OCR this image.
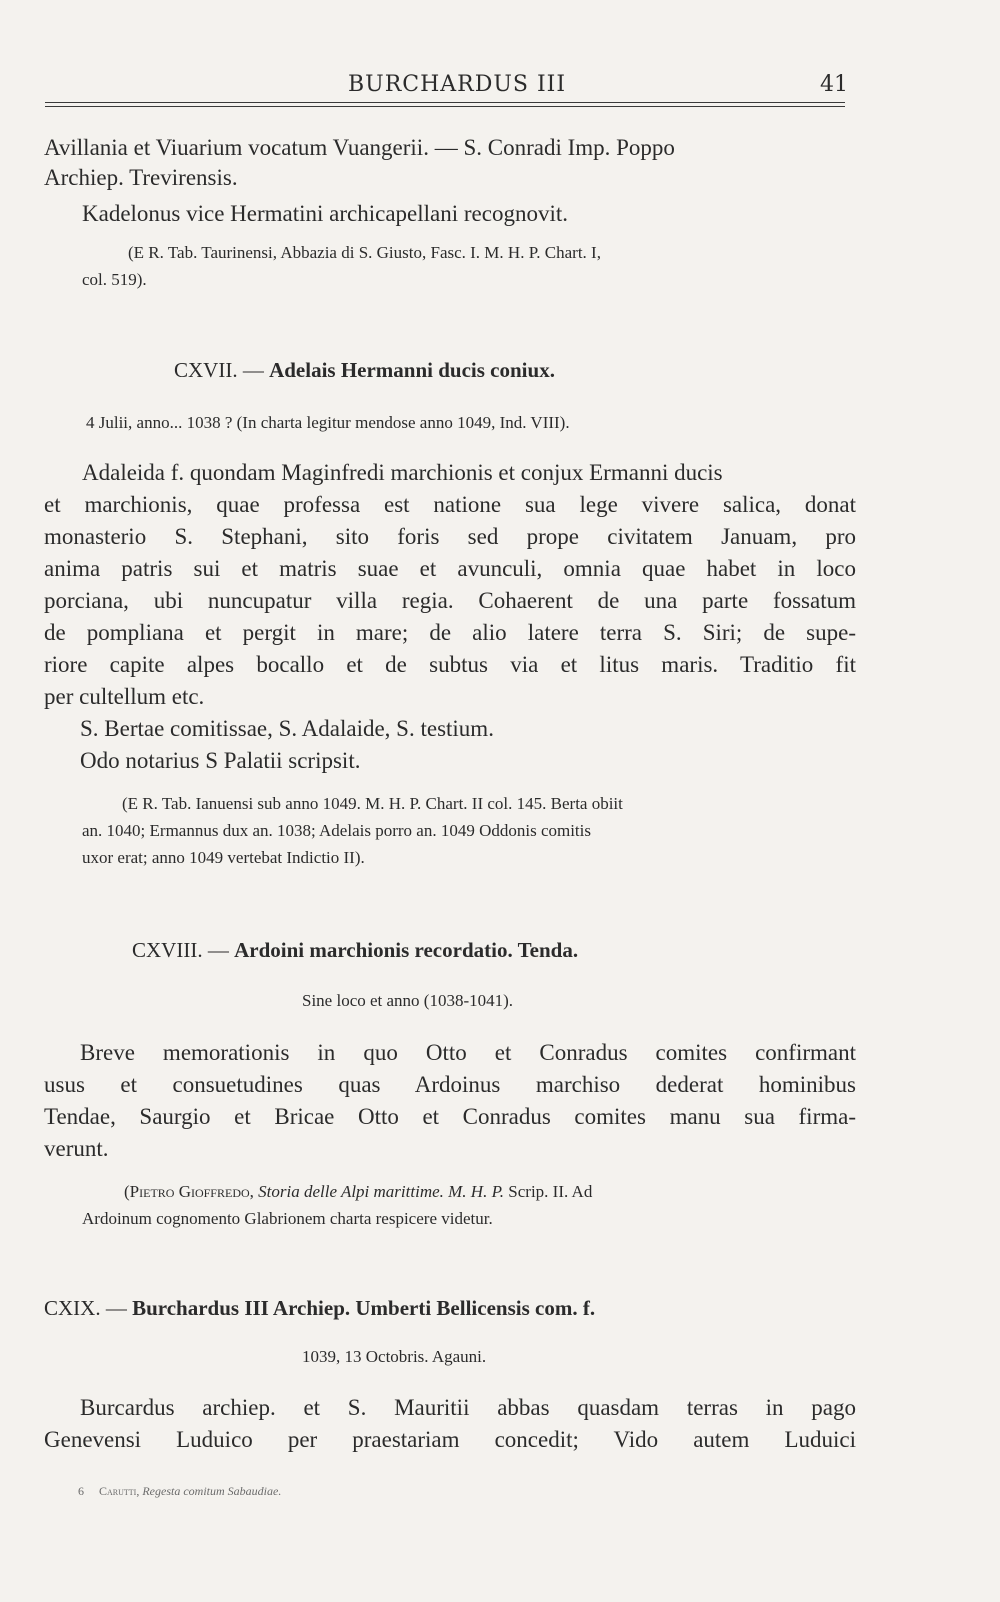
BURCHARDUS III	41
Avillania et Viuarium vocatum Vuangerii. — S. Conradi Imp. Poppo
Archiep. Trevirensis.
Kadelonus vice Hermatini archicapellani recognovit.
(E R. Tab. Taurinensi, Abbazia di S. Giusto, Fasc. I. M. H. P. Chart. I,
col. 519).
CXVII. — Adelais Hermanni ducis coniux.
4 Julii, anno... 1038 ? (In charta legitur mendose anno 1049, Ind. VIII).
Adaleida f. quondam Maginfredi marchionis et conjux Ermanni ducis
et marchionis, quae professa est natione sua lege vivere salica, donat
monasterio S. Stephani, sito foris sed prope civitatem Januam, pro
anima patris sui et matris suae et avunculi, omnia quae habet in loco
porciana, ubi nuncupatur villa regia. Cohaerent de una parte fossatum
de pompliana et pergit in mare; de alio latere terra S. Siri; de supe-
riore capite alpes bocallo et de subtus via et litus maris. Traditio fit
per cultellum etc.
S. Bertae comitissae, S. Adalaide, S. testium.
Odo notarius S Palatii scripsit.
(E R. Tab. Ianuensi sub anno 1049. M. H. P. Chart. II col. 145. Berta obiit
an. 1040; Ermannus dux an. 1038; Adelais porro an. 1049 Oddonis comitis
uxor erat; anno 1049 vertebat Indictio II).
CXVIII. — Ardoini marchionis recordatio. Tenda.
Sine loco et anno (1038-1041).
Breve memorationis in quo Otto et Conradus comites confirmant
usus et consuetudines quas Ardoinus marchiso dederat hominibus
Tendae, Saurgio et Bricae Otto et Conradus comites manu sua firma-
verunt.
(Pietro Gioffredo, Storia delle Alpi marittime. M. H. P. Scrip. II. Ad
Ardoinum cognomento Glabrionem charta respicere videtur.
CXIX. — Burchardus III Archiep. Umberti Bellicensis com. f.
1039, 13 Octobris. Agauni.
Burcardus archiep. et S. Mauritii abbas quasdam terras in pago
Genevensi Luduico per praestariam concedit; Vido autem Luduici
6 Carutti, Regesta comitum Sabaudiae.
